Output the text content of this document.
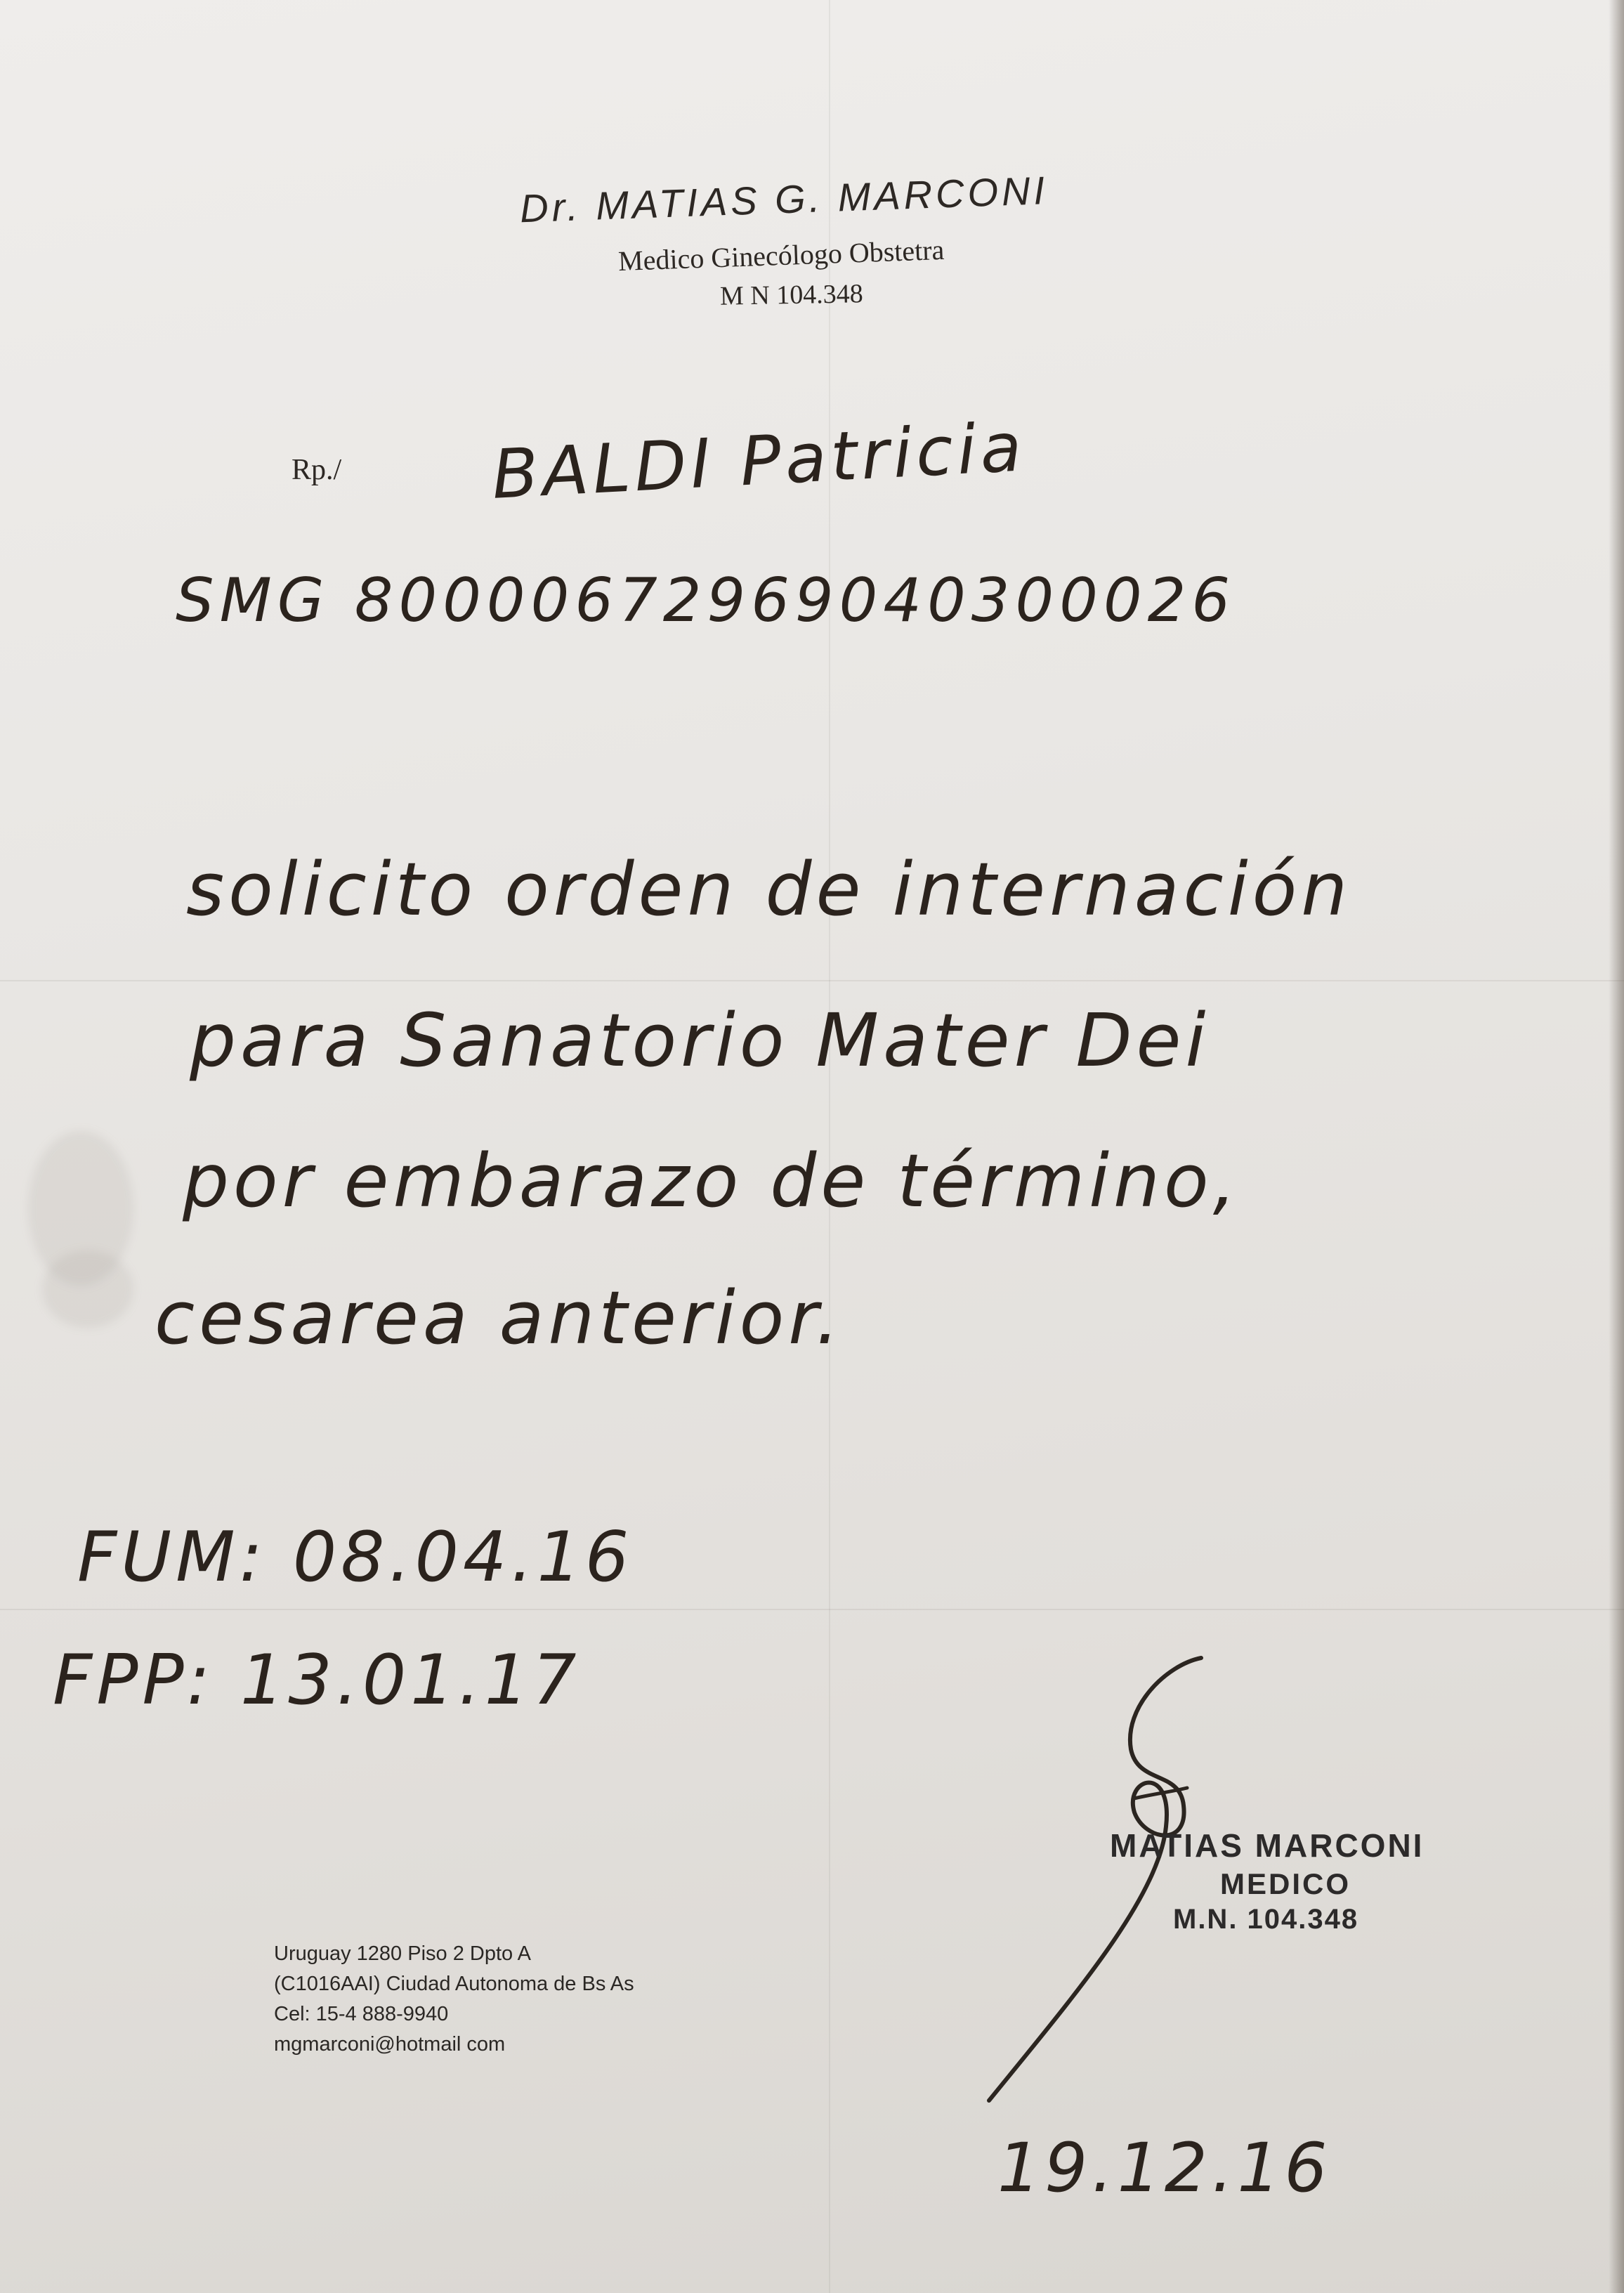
Dr. MATIAS G. MARCONI
Medico Ginecólogo Obstetra
M N 104.348
Rp./ BALDI Patricia
SMG 80000672969040300026
solicito orden de internación
para Sanatorio Mater Dei
por embarazo de término,
cesarea anterior.
FUM: 08.04.16
FPP: 13.01.17
MATIAS MARCONI
MEDICO
M.N. 104.348
Uruguay 1280 Piso 2 Dpto A
(C1016AAI) Ciudad Autonoma de Bs As
Cel: 15-4 888-9940
mgmarconi@hotmail com
19.12.16
